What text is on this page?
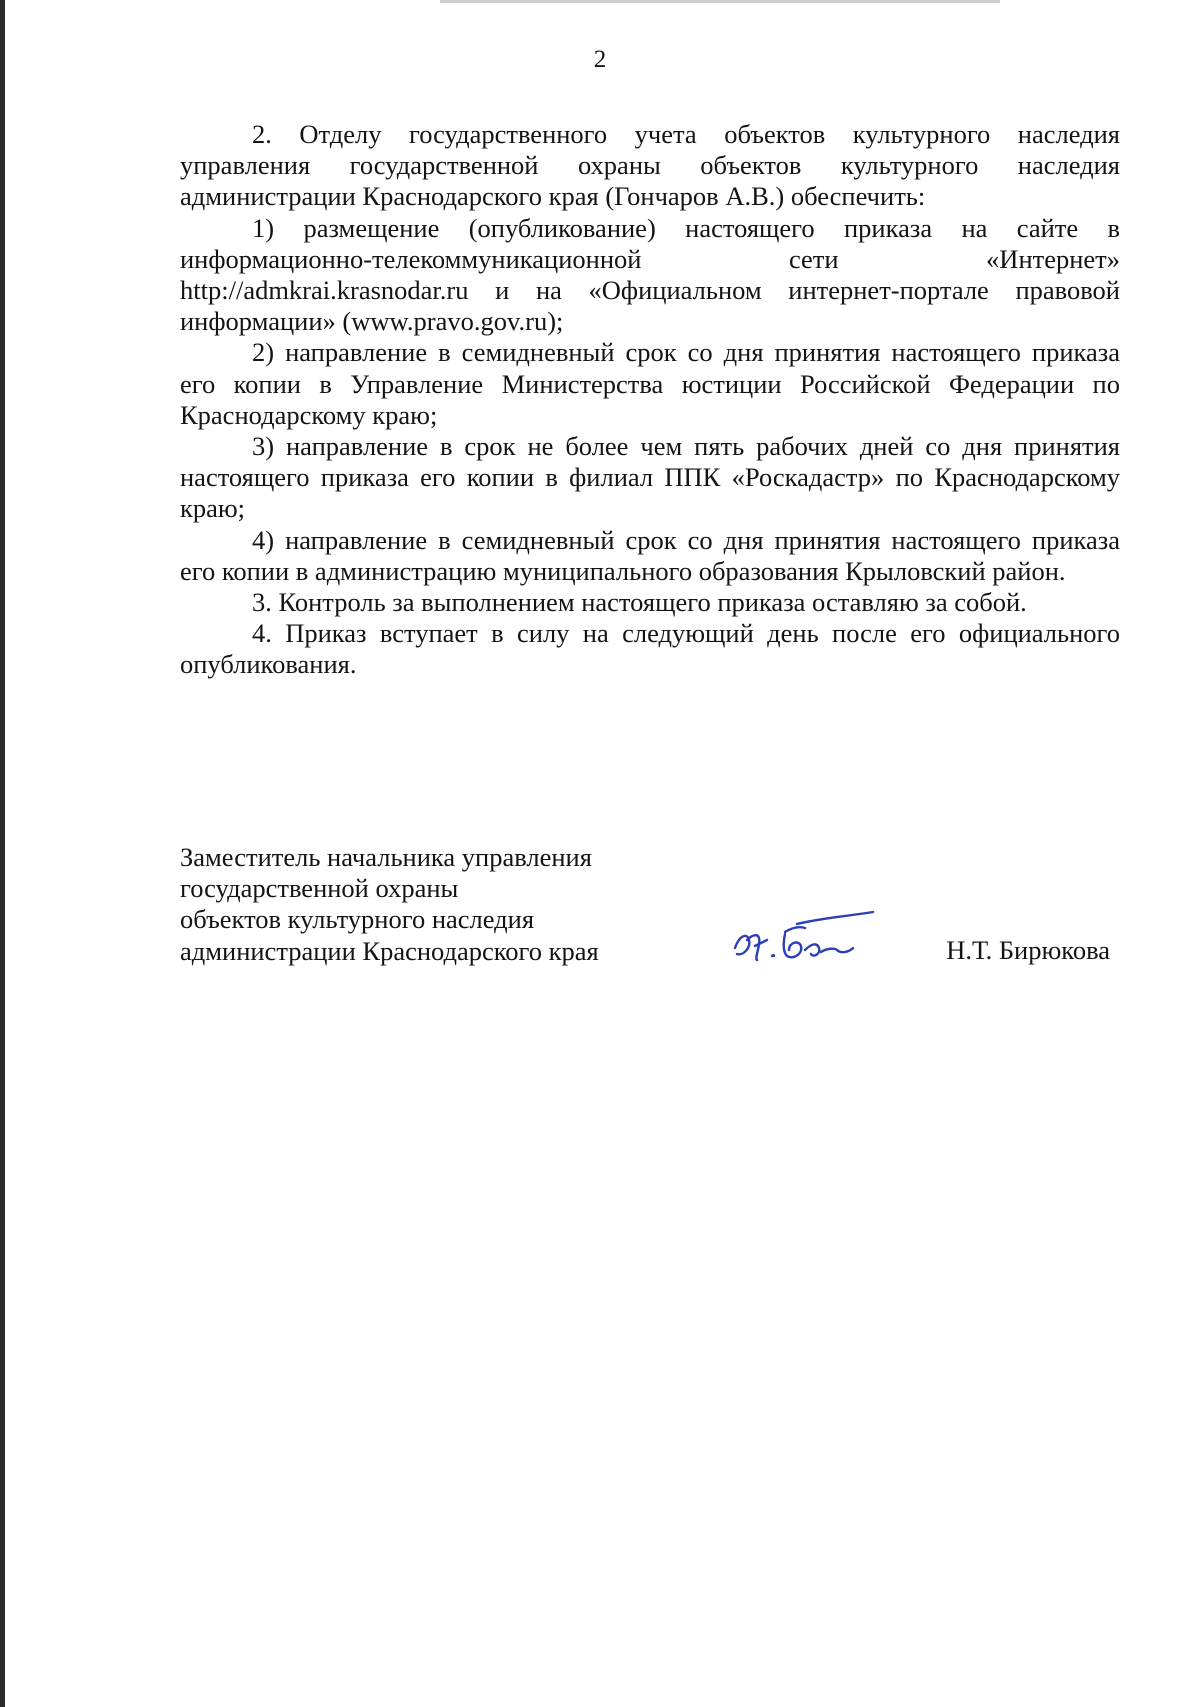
2

2. Отделу государственного учета объектов культурного наследия управления государственной охраны объектов культурного наследия администрации Краснодарского края (Гончаров А.В.) обеспечить:

1) размещение (опубликование) настоящего приказа на сайте в информационно-телекоммуникационной сети «Интернет» http://admkrai.krasnodar.ru и на «Официальном интернет-портале правовой информации» (www.pravo.gov.ru);

2) направление в семидневный срок со дня принятия настоящего приказа его копии в Управление Министерства юстиции Российской Федерации по Краснодарскому краю;

3) направление в срок не более чем пять рабочих дней со дня принятия настоящего приказа его копии в филиал ППК «Роскадастр» по Краснодарскому краю;

4) направление в семидневный срок со дня принятия настоящего приказа его копии в администрацию муниципального образования Крыловский район.

3. Контроль за выполнением настоящего приказа оставляю за собой.

4. Приказ вступает в силу на следующий день после его официального опубликования.

Заместитель начальника управления
государственной охраны
объектов культурного наследия
администрации Краснодарского края	Н.Т. Бирюкова
